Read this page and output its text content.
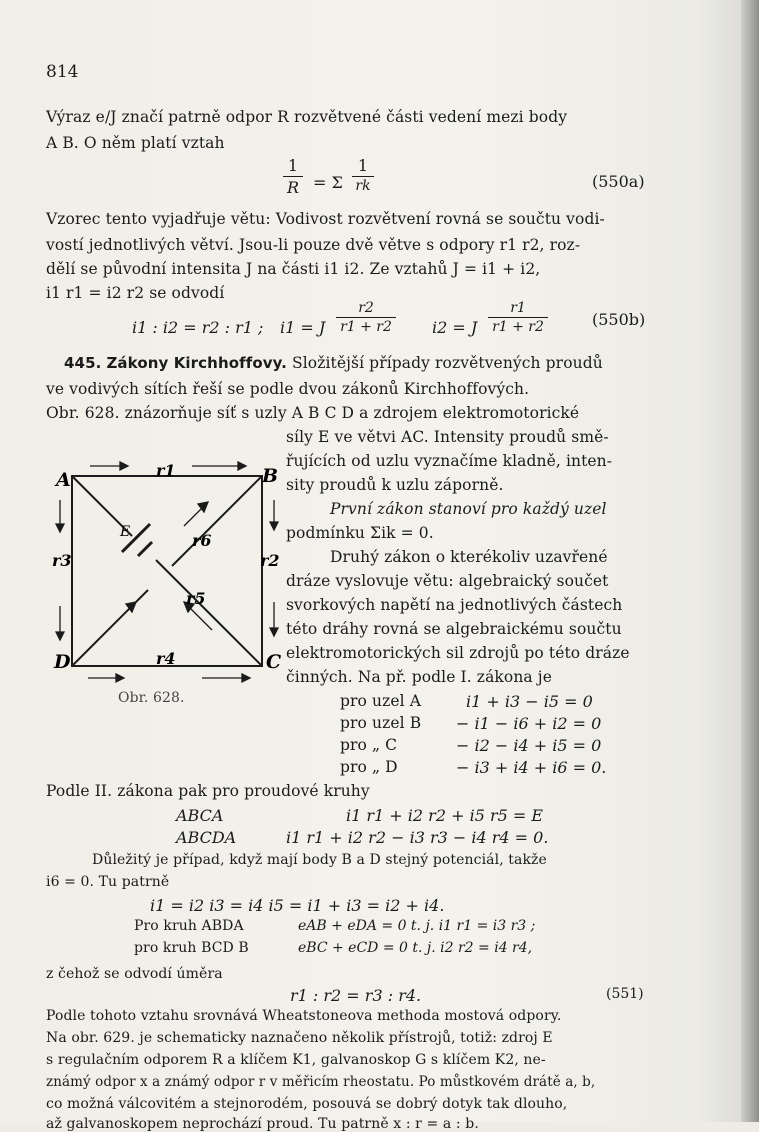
814
Výraz e/J značí patrně odpor R rozvětvené části vedení mezi body
A B. O něm platí vztah
1
R = Σ
1
rk	(550a)
Vzorec tento vyjadřuje větu: Vodivost rozvětvení rovná se součtu vodi-
vostí jednotlivých větví. Jsou-li pouze dvě větve s odpory r1 r2, roz-
dělí se původní intensita J na části i1 i2. Ze vztahů J = i1 + i2,
i1 r1 = i2 r2 se odvodí
i1 : i2 = r2 : r1 ; i1 = J
r2
r1 + r2	i2 = J
r1
r1 + r2	(550b)
445. Zákony Kirchhoffovy. Složitější případy rozvětvených proudů
ve vodivých sítích řeší se podle dvou zákonů Kirchhoffových.
Obr. 628. znázorňuje síť s uzly A B C D a zdrojem elektromotorické
síly E ve větvi AC. Intensity proudů smě-
řujících od uzlu vyznačíme kladně, inten-
sity proudů k uzlu záporně.
První zákon stanoví pro každý uzel
podmínku Σik = 0.
Druhý zákon o kterékoliv uzavřené
dráze vyslovuje větu: algebraický součet
svorkových napětí na jednotlivých částech
této dráhy rovná se algebraickému součtu
elektromotorických sil zdrojů po této dráze
činných. Na př. podle I. zákona je
pro uzel A	i1 + i3 − i5 = 0
pro uzel B − i1 − i6 + i2 = 0
pro „ C	− i2 − i4 + i5 = 0
pro „ D	− i3 + i4 + i6 = 0.
A	B
C
D
r1
r2
r3
r4
r5
r6
E
Obr. 628.
Podle II. zákona pak pro proudové kruhy
ABCA	i1 r1 + i2 r2 + i5 r5 = E
ABCDA	i1 r1 + i2 r2 − i3 r3 − i4 r4 = 0.
Důležitý je případ, když mají body B a D stejný potenciál, takže
i6 = 0. Tu patrně
i1 = i2 i3 = i4 i5 = i1 + i3 = i2 + i4.
Pro kruh ABDA	eAB + eDA = 0 t. j. i1 r1 = i3 r3 ;
pro kruh BCD B	eBC + eCD = 0 t. j. i2 r2 = i4 r4,
z čehož se odvodí úměra
r1 : r2 = r3 : r4.	(551)
Podle tohoto vztahu srovnává Wheatstoneova methoda mostová odpory.
Na obr. 629. je schematicky naznačeno několik přístrojů, totiž: zdroj E
s regulačním odporem R a klíčem K1, galvanoskop G s klíčem K2, ne-
známý odpor x a známý odpor r v měřicím rheostatu. Po můstkovém drátě a, b,
co možná válcovitém a stejnorodém, posouvá se dobrý dotyk tak dlouho,
až galvanoskopem neprochází proud. Tu patrně x : r = a : b.
